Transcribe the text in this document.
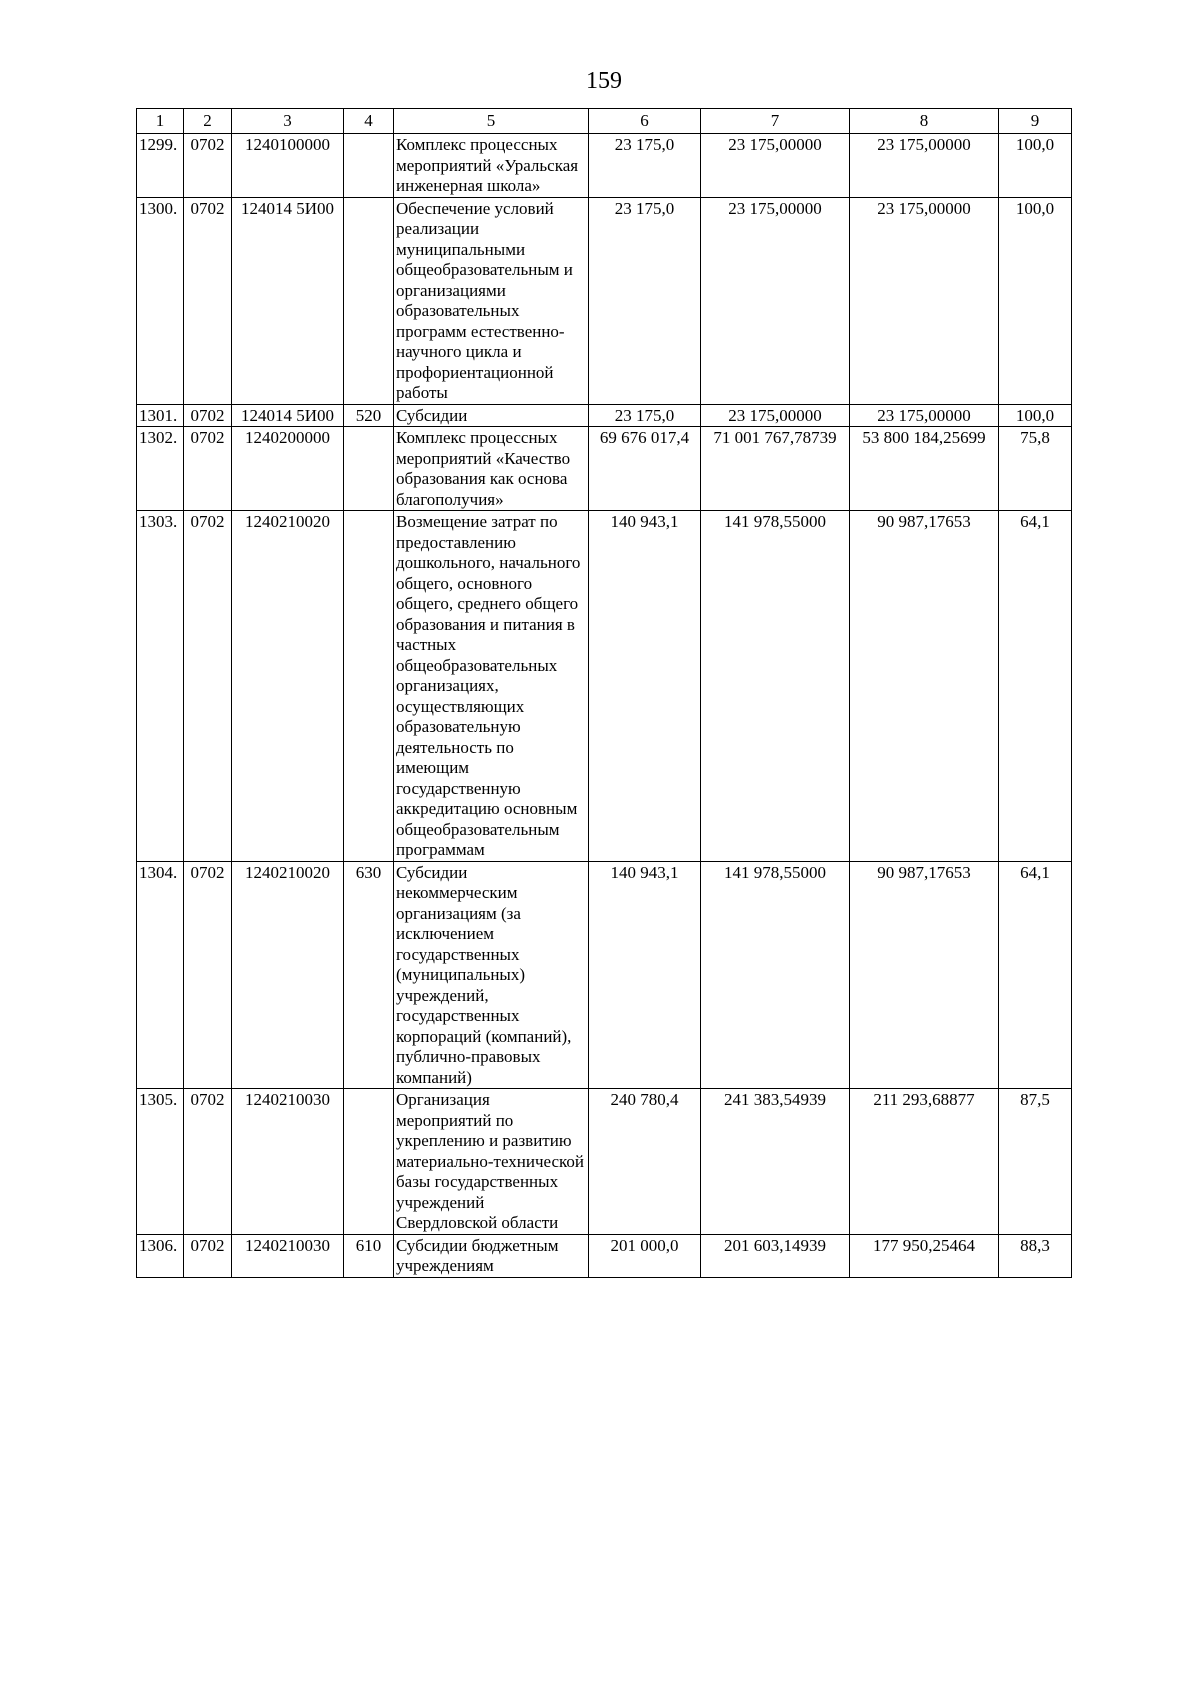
159
1	2	3	4	5	6	7	8	9
1299.	0702	1240100000		Комплекс процессных мероприятий «Уральская инженерная школа»	23 175,0	23 175,00000	23 175,00000	100,0
1300.	0702	124014 5И00		Обеспечение условий реализации муниципальными общеобразовательным и организациями образовательных программ естественно-научного цикла и профориентационной работы	23 175,0	23 175,00000	23 175,00000	100,0
1301.	0702	124014 5И00	520	Субсидии	23 175,0	23 175,00000	23 175,00000	100,0
1302.	0702	1240200000		Комплекс процессных мероприятий «Качество образования как основа благополучия»	69 676 017,4	71 001 767,78739	53 800 184,25699	75,8
1303.	0702	1240210020		Возмещение затрат по предоставлению дошкольного, начального общего, основного общего, среднего общего образования и питания в частных общеобразовательных организациях, осуществляющих образовательную деятельность по имеющим государственную аккредитацию основным общеобразовательным программам	140 943,1	141 978,55000	90 987,17653	64,1
1304.	0702	1240210020	630	Субсидии некоммерческим организациям (за исключением государственных (муниципальных) учреждений, государственных корпораций (компаний), публично-правовых компаний)	140 943,1	141 978,55000	90 987,17653	64,1
1305.	0702	1240210030		Организация мероприятий по укреплению и развитию материально-технической базы государственных учреждений Свердловской области	240 780,4	241 383,54939	211 293,68877	87,5
1306.	0702	1240210030	610	Субсидии бюджетным учреждениям	201 000,0	201 603,14939	177 950,25464	88,3
